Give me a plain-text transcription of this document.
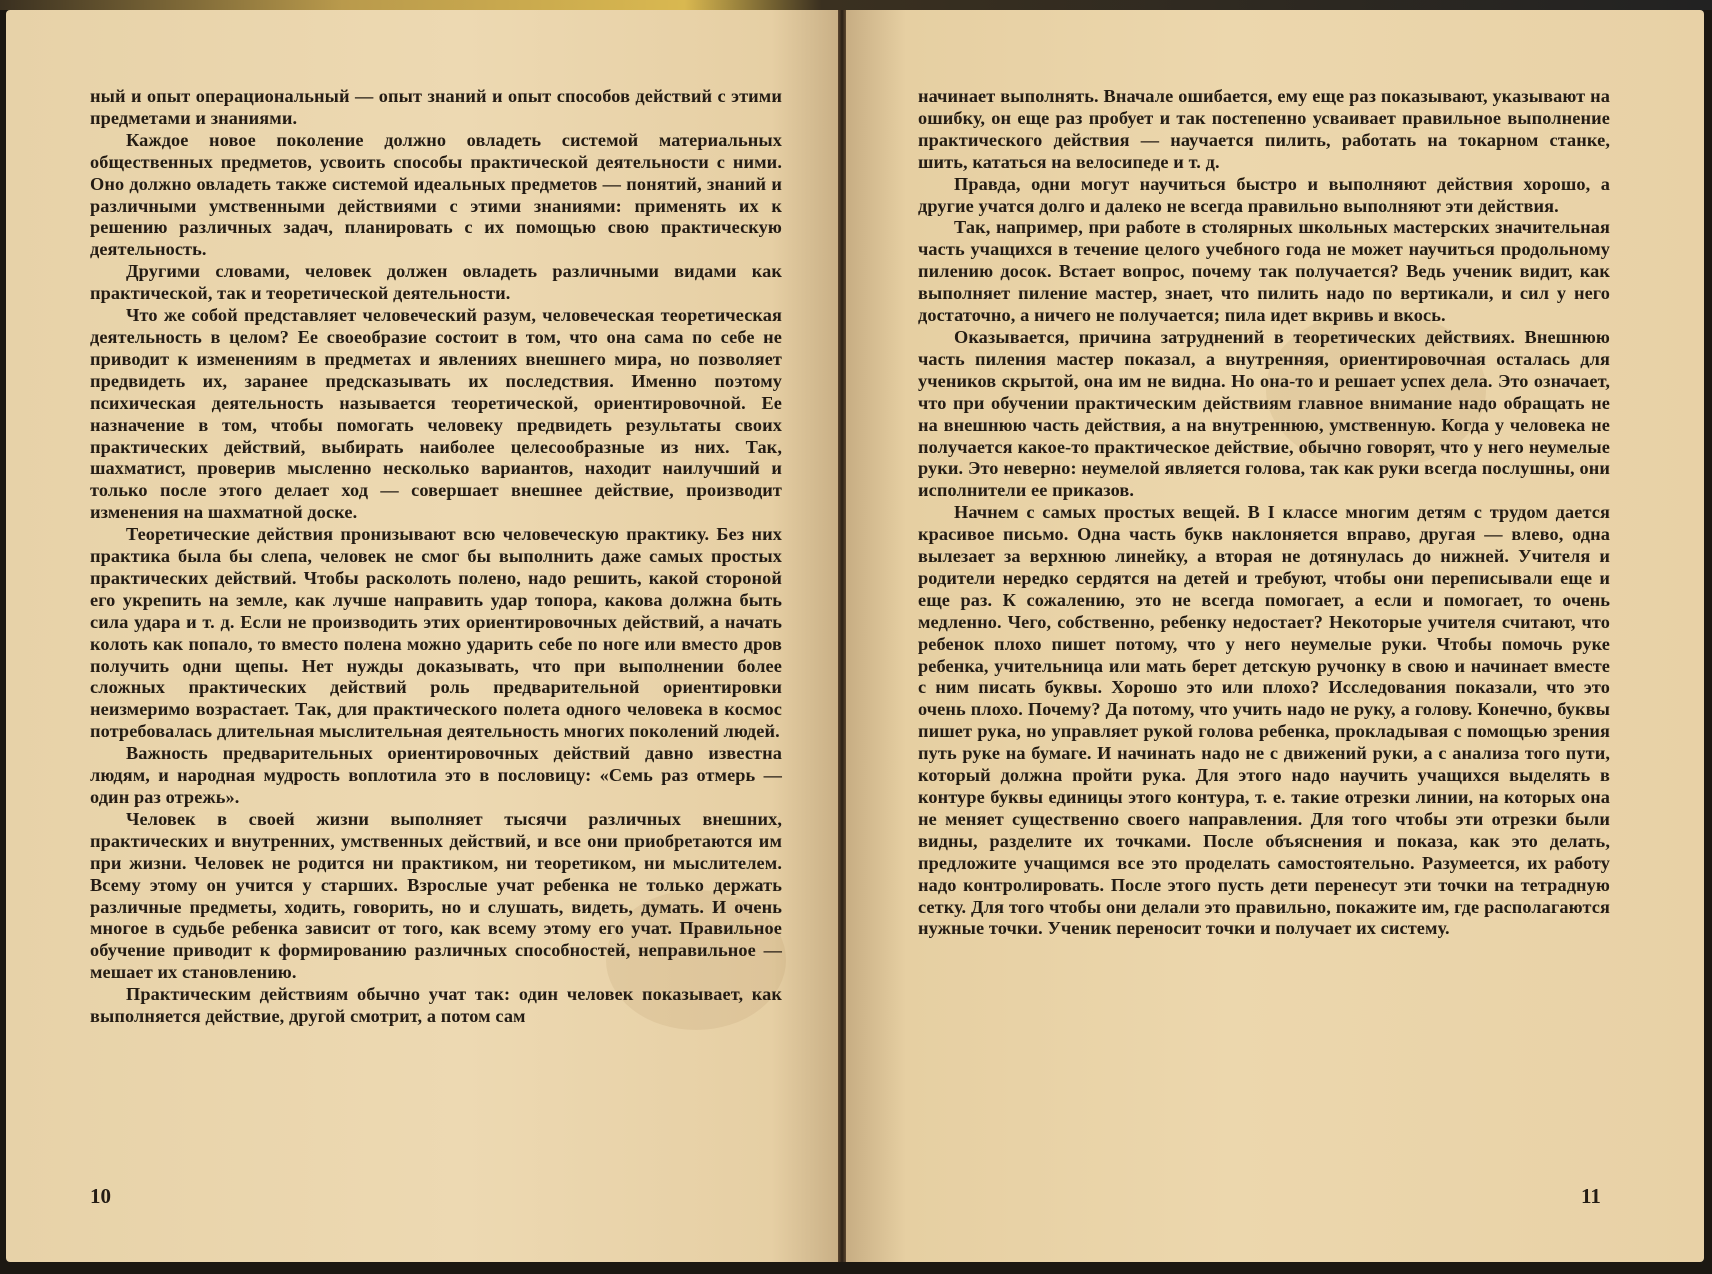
ный и опыт операциональный — опыт знаний и опыт способов действий с этими предметами и знаниями.

Каждое новое поколение должно овладеть системой материальных общественных предметов, усвоить способы практической деятельности с ними. Оно должно овладеть также системой идеальных предметов — понятий, знаний и различными умственными действиями с этими знаниями: применять их к решению различных задач, планировать с их помощью свою практическую деятельность.

Другими словами, человек должен овладеть различными видами как практической, так и теоретической деятельности.

Что же собой представляет человеческий разум, человеческая теоретическая деятельность в целом? Ее своеобразие состоит в том, что она сама по себе не приводит к изменениям в предметах и явлениях внешнего мира, но позволяет предвидеть их, заранее предсказывать их последствия. Именно поэтому психическая деятельность называется теоретической, ориентировочной. Ее назначение в том, чтобы помогать человеку предвидеть результаты своих практических действий, выбирать наиболее целесообразные из них. Так, шахматист, проверив мысленно несколько вариантов, находит наилучший и только после этого делает ход — совершает внешнее действие, производит изменения на шахматной доске.

Теоретические действия пронизывают всю человеческую практику. Без них практика была бы слепа, человек не смог бы выполнить даже самых простых практических действий. Чтобы расколоть полено, надо решить, какой стороной его укрепить на земле, как лучше направить удар топора, какова должна быть сила удара и т. д. Если не производить этих ориентировочных действий, а начать колоть как попало, то вместо полена можно ударить себе по ноге или вместо дров получить одни щепы. Нет нужды доказывать, что при выполнении более сложных практических действий роль предварительной ориентировки неизмеримо возрастает. Так, для практического полета одного человека в космос потребовалась длительная мыслительная деятельность многих поколений людей.

Важность предварительных ориентировочных действий давно известна людям, и народная мудрость воплотила это в пословицу: «Семь раз отмерь — один раз отрежь».

Человек в своей жизни выполняет тысячи различных внешних, практических и внутренних, умственных действий, и все они приобретаются им при жизни. Человек не родится ни практиком, ни теоретиком, ни мыслителем. Всему этому он учится у старших. Взрослые учат ребенка не только держать различные предметы, ходить, говорить, но и слушать, видеть, думать. И очень многое в судьбе ребенка зависит от того, как всему этому его учат. Правильное обучение приводит к формированию различных способностей, неправильное — мешает их становлению.

Практическим действиям обычно учат так: один человек показывает, как выполняется действие, другой смотрит, а потом сам

10

начинает выполнять. Вначале ошибается, ему еще раз показывают, указывают на ошибку, он еще раз пробует и так постепенно усваивает правильное выполнение практического действия — научается пилить, работать на токарном станке, шить, кататься на велосипеде и т. д.

Правда, одни могут научиться быстро и выполняют действия хорошо, а другие учатся долго и далеко не всегда правильно выполняют эти действия.

Так, например, при работе в столярных школьных мастерских значительная часть учащихся в течение целого учебного года не может научиться продольному пилению досок. Встает вопрос, почему так получается? Ведь ученик видит, как выполняет пиление мастер, знает, что пилить надо по вертикали, и сил у него достаточно, а ничего не получается; пила идет вкривь и вкось.

Оказывается, причина затруднений в теоретических действиях. Внешнюю часть пиления мастер показал, а внутренняя, ориентировочная осталась для учеников скрытой, она им не видна. Но она-то и решает успех дела. Это означает, что при обучении практическим действиям главное внимание надо обращать не на внешнюю часть действия, а на внутреннюю, умственную. Когда у человека не получается какое-то практическое действие, обычно говорят, что у него неумелые руки. Это неверно: неумелой является голова, так как руки всегда послушны, они исполнители ее приказов.

Начнем с самых простых вещей. В I классе многим детям с трудом дается красивое письмо. Одна часть букв наклоняется вправо, другая — влево, одна вылезает за верхнюю линейку, а вторая не дотянулась до нижней. Учителя и родители нередко сердятся на детей и требуют, чтобы они переписывали еще и еще раз. К сожалению, это не всегда помогает, а если и помогает, то очень медленно. Чего, собственно, ребенку недостает? Некоторые учителя считают, что ребенок плохо пишет потому, что у него неумелые руки. Чтобы помочь руке ребенка, учительница или мать берет детскую ручонку в свою и начинает вместе с ним писать буквы. Хорошо это или плохо? Исследования показали, что это очень плохо. Почему? Да потому, что учить надо не руку, а голову. Конечно, буквы пишет рука, но управляет рукой голова ребенка, прокладывая с помощью зрения путь руке на бумаге. И начинать надо не с движений руки, а с анализа того пути, который должна пройти рука. Для этого надо научить учащихся выделять в контуре буквы единицы этого контура, т. е. такие отрезки линии, на которых она не меняет существенно своего направления. Для того чтобы эти отрезки были видны, разделите их точками. После объяснения и показа, как это делать, предложите учащимся все это проделать самостоятельно. Разумеется, их работу надо контролировать. После этого пусть дети перенесут эти точки на тетрадную сетку. Для того чтобы они делали это правильно, покажите им, где располагаются нужные точки. Ученик переносит точки и получает их систему.

11
